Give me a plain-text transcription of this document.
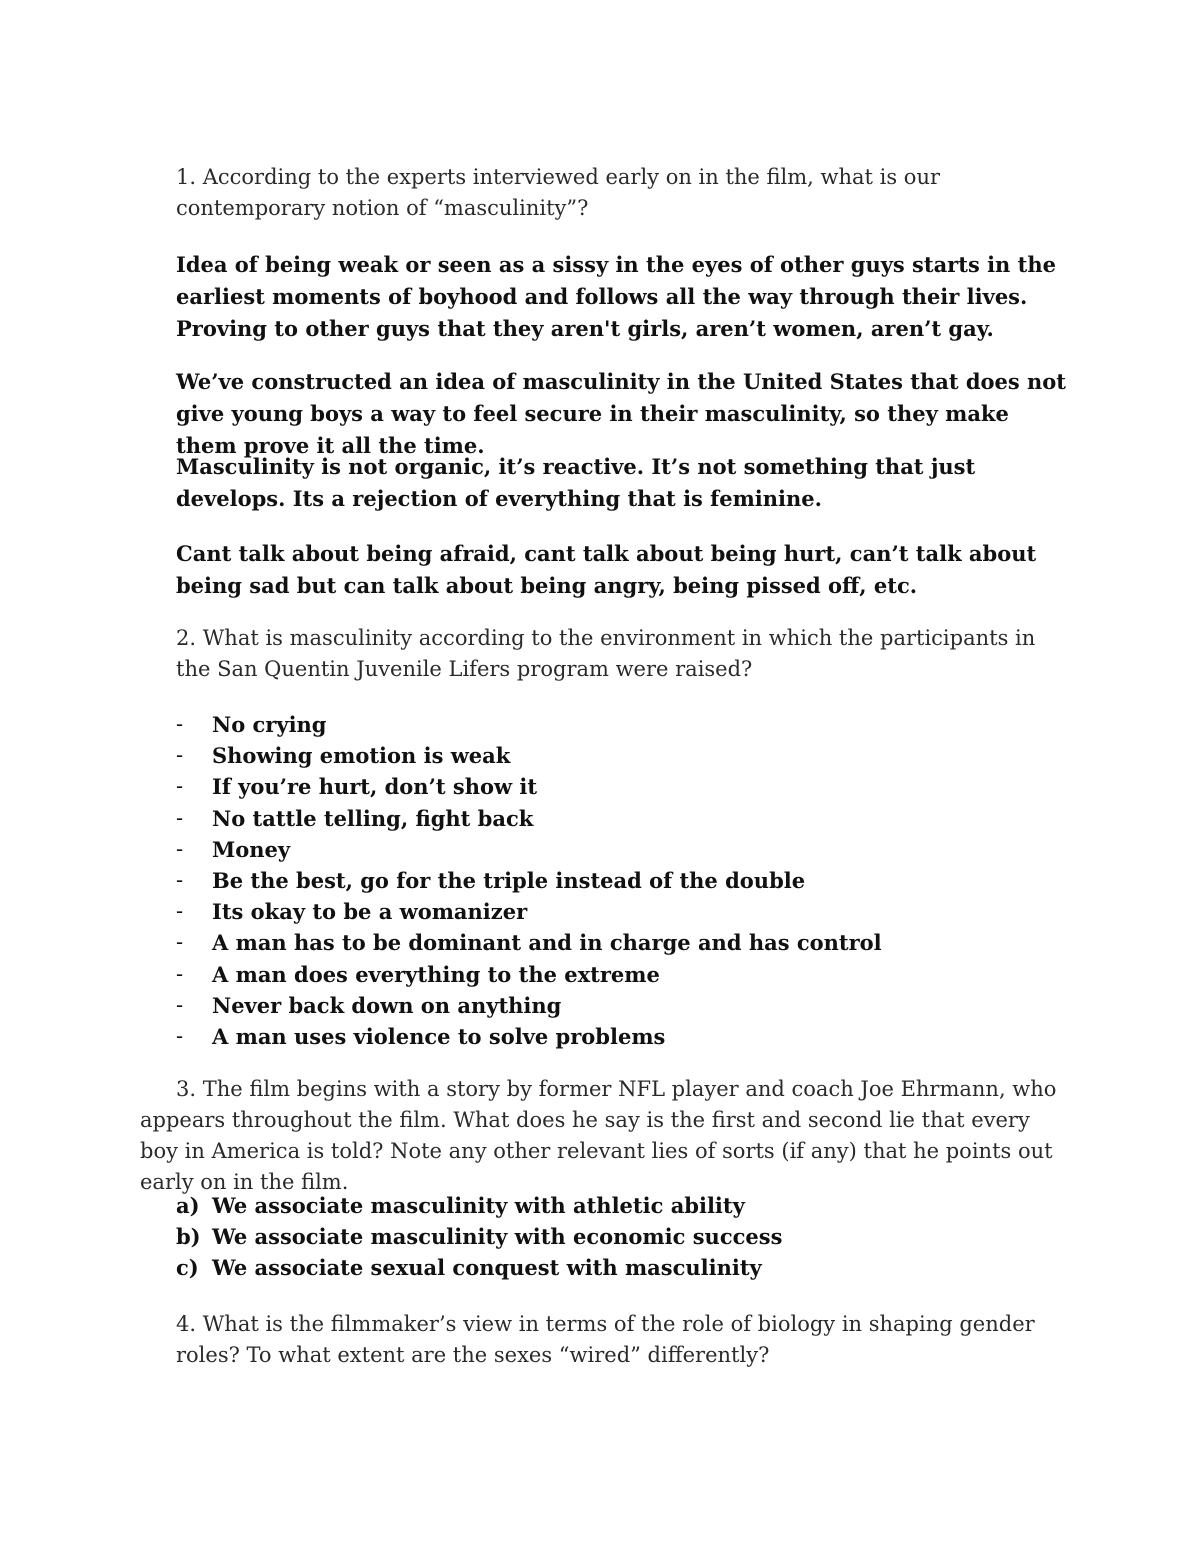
1. According to the experts interviewed early on in the film, what is our contemporary notion of “masculinity”?

Idea of being weak or seen as a sissy in the eyes of other guys starts in the earliest moments of boyhood and follows all the way through their lives. Proving to other guys that they aren't girls, aren’t women, aren’t gay.

We’ve constructed an idea of masculinity in the United States that does not give young boys a way to feel secure in their masculinity, so they make them prove it all the time.

Masculinity is not organic, it’s reactive. It’s not something that just develops. Its a rejection of everything that is feminine.

Cant talk about being afraid, cant talk about being hurt, can’t talk about being sad but can talk about being angry, being pissed off, etc.

2. What is masculinity according to the environment in which the participants in the San Quentin Juvenile Lifers program were raised?

-	No crying
-	Showing emotion is weak
-	If you’re hurt, don’t show it
-	No tattle telling, fight back
-	Money
-	Be the best, go for the triple instead of the double
-	Its okay to be a womanizer
-	A man has to be dominant and in charge and has control
-	A man does everything to the extreme
-	Never back down on anything
-	A man uses violence to solve problems

3. The film begins with a story by former NFL player and coach Joe Ehrmann, who appears throughout the film. What does he say is the first and second lie that every boy in America is told? Note any other relevant lies of sorts (if any) that he points out early on in the film.

a) We associate masculinity with athletic ability
b) We associate masculinity with economic success
c) We associate sexual conquest with masculinity

4. What is the filmmaker’s view in terms of the role of biology in shaping gender roles? To what extent are the sexes “wired” differently?
